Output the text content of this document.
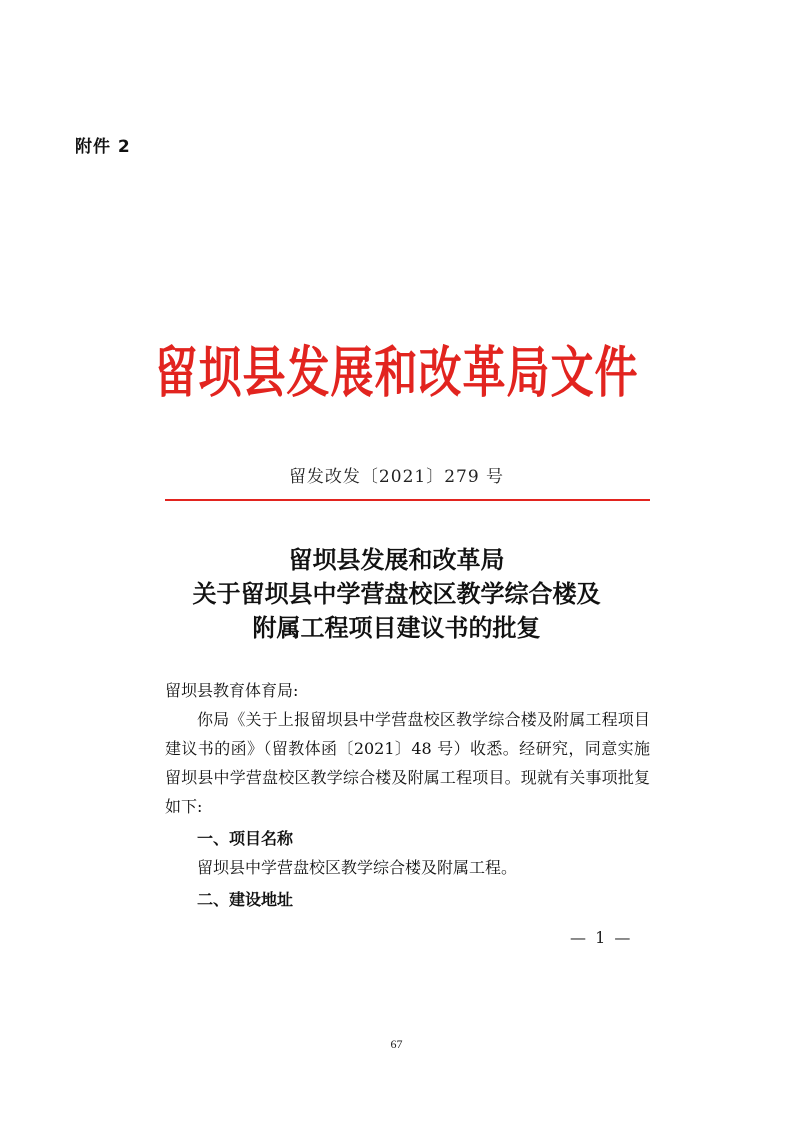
附件 2
留坝县发展和改革局文件
留发改发〔2021〕279 号
留坝县发展和改革局
关于留坝县中学营盘校区教学综合楼及
附属工程项目建议书的批复

留坝县教育体育局:

你局《关于上报留坝县中学营盘校区教学综合楼及附属工程项目建议书的函》（留教体函〔2021〕48 号）收悉。经研究，同意实施留坝县中学营盘校区教学综合楼及附属工程项目。现就有关事项批复如下:

一、项目名称

留坝县中学营盘校区教学综合楼及附属工程。

二、建设地址

— 1 —
67
